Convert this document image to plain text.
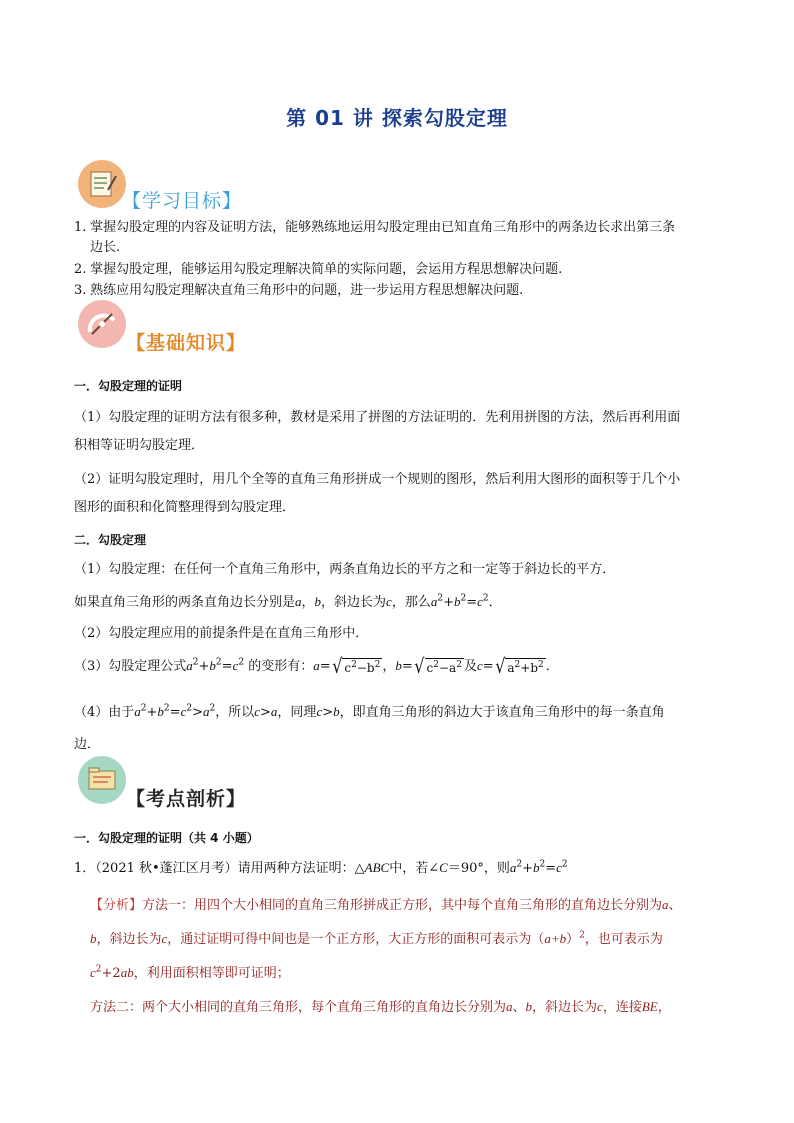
第 01 讲 探索勾股定理
【学习目标】
1. 掌握勾股定理的内容及证明方法，能够熟练地运用勾股定理由已知直角三角形中的两条边长求出第三条
边长.
2. 掌握勾股定理，能够运用勾股定理解决简单的实际问题，会运用方程思想解决问题.
3. 熟练应用勾股定理解决直角三角形中的问题，进一步运用方程思想解决问题.
【基础知识】
一．勾股定理的证明
（1）勾股定理的证明方法有很多种，教材是采用了拼图的方法证明的．先利用拼图的方法，然后再利用面
积相等证明勾股定理．
（2）证明勾股定理时，用几个全等的直角三角形拼成一个规则的图形，然后利用大图形的面积等于几个小
图形的面积和化简整理得到勾股定理．
二．勾股定理
（1）勾股定理：在任何一个直角三角形中，两条直角边长的平方之和一定等于斜边长的平方．
如果直角三角形的两条直角边长分别是a，b，斜边长为c，那么$a^2+b^2=c^2$．
（2）勾股定理应用的前提条件是在直角三角形中．
（3）勾股定理公式$a^2+b^2=c^2$ 的变形有：a= √ $c^2-b^2$ ，b= √ $c^2-a^2$ 及c= √ $a^2+b^2$ ．
（4）由于$a^2+b^2=c^2>a^2$，所以c>a，同理c>b，即直角三角形的斜边大于该直角三角形中的每一条直角
边．
【考点剖析】
一．勾股定理的证明（共 4 小题）
1．（2021 秋•蓬江区月考）请用两种方法证明：△ABC中，若∠C＝90°，则$a^2+b^2=c^2$
【分析】方法一：用四个大小相同的直角三角形拼成正方形，其中每个直角三角形的直角边长分别为a、
b，斜边长为c，通过证明可得中间也是一个正方形，大正方形的面积可表示为$(a+b)^2$，也可表示为
$c^2+2ab$，利用面积相等即可证明；
方法二：两个大小相同的直角三角形，每个直角三角形的直角边长分别为a、b，斜边长为c，连接BE，
